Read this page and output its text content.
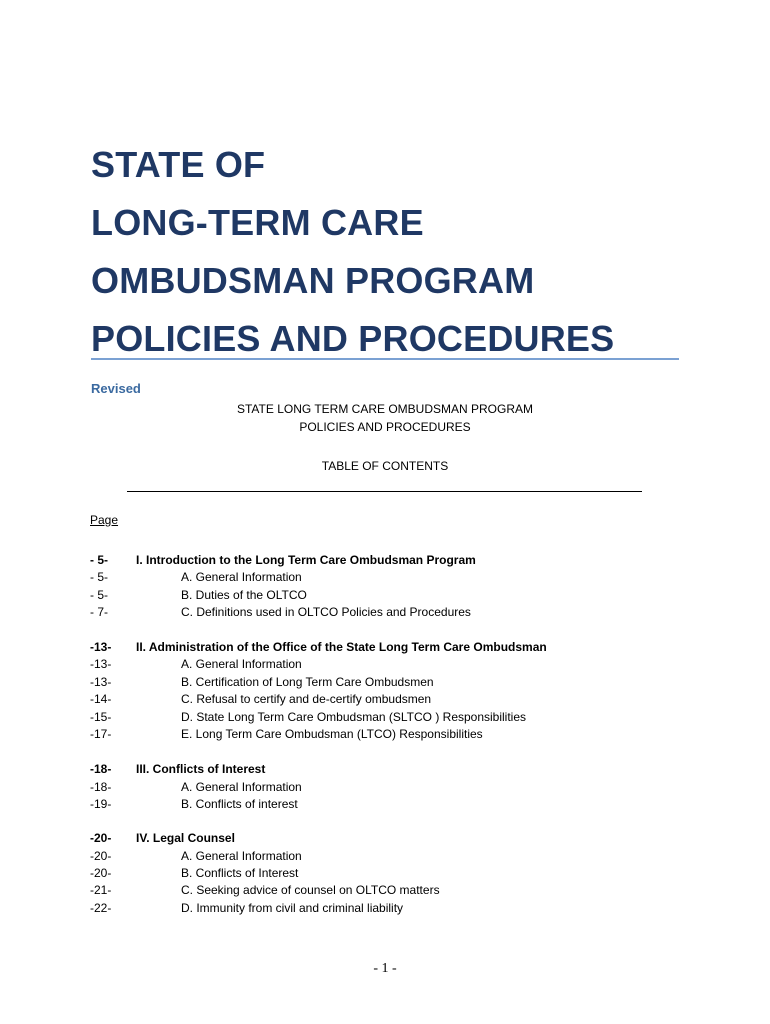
STATE OF
LONG-TERM CARE
OMBUDSMAN PROGRAM
POLICIES AND PROCEDURES
Revised
STATE LONG TERM CARE OMBUDSMAN PROGRAM
POLICIES AND PROCEDURES
TABLE OF CONTENTS
Page
- 5- I. Introduction to the Long Term Care Ombudsman Program
- 5-	A. General Information
- 5-	B. Duties of the OLTCO
- 7-	C. Definitions used in OLTCO Policies and Procedures
-13- II. Administration of the Office of the State Long Term Care Ombudsman
-13-	A. General Information
-13-	B. Certification of Long Term Care Ombudsmen
-14-	C. Refusal to certify and de-certify ombudsmen
-15-	D. State Long Term Care Ombudsman (SLTCO ) Responsibilities
-17-	E. Long Term Care Ombudsman (LTCO) Responsibilities
-18- III. Conflicts of Interest
-18-	A. General Information
-19-	B. Conflicts of interest
-20- IV. Legal Counsel
-20-	A. General Information
-20-	B. Conflicts of Interest
-21-	C. Seeking advice of counsel on OLTCO matters
-22-	D. Immunity from civil and criminal liability
- 1 -
